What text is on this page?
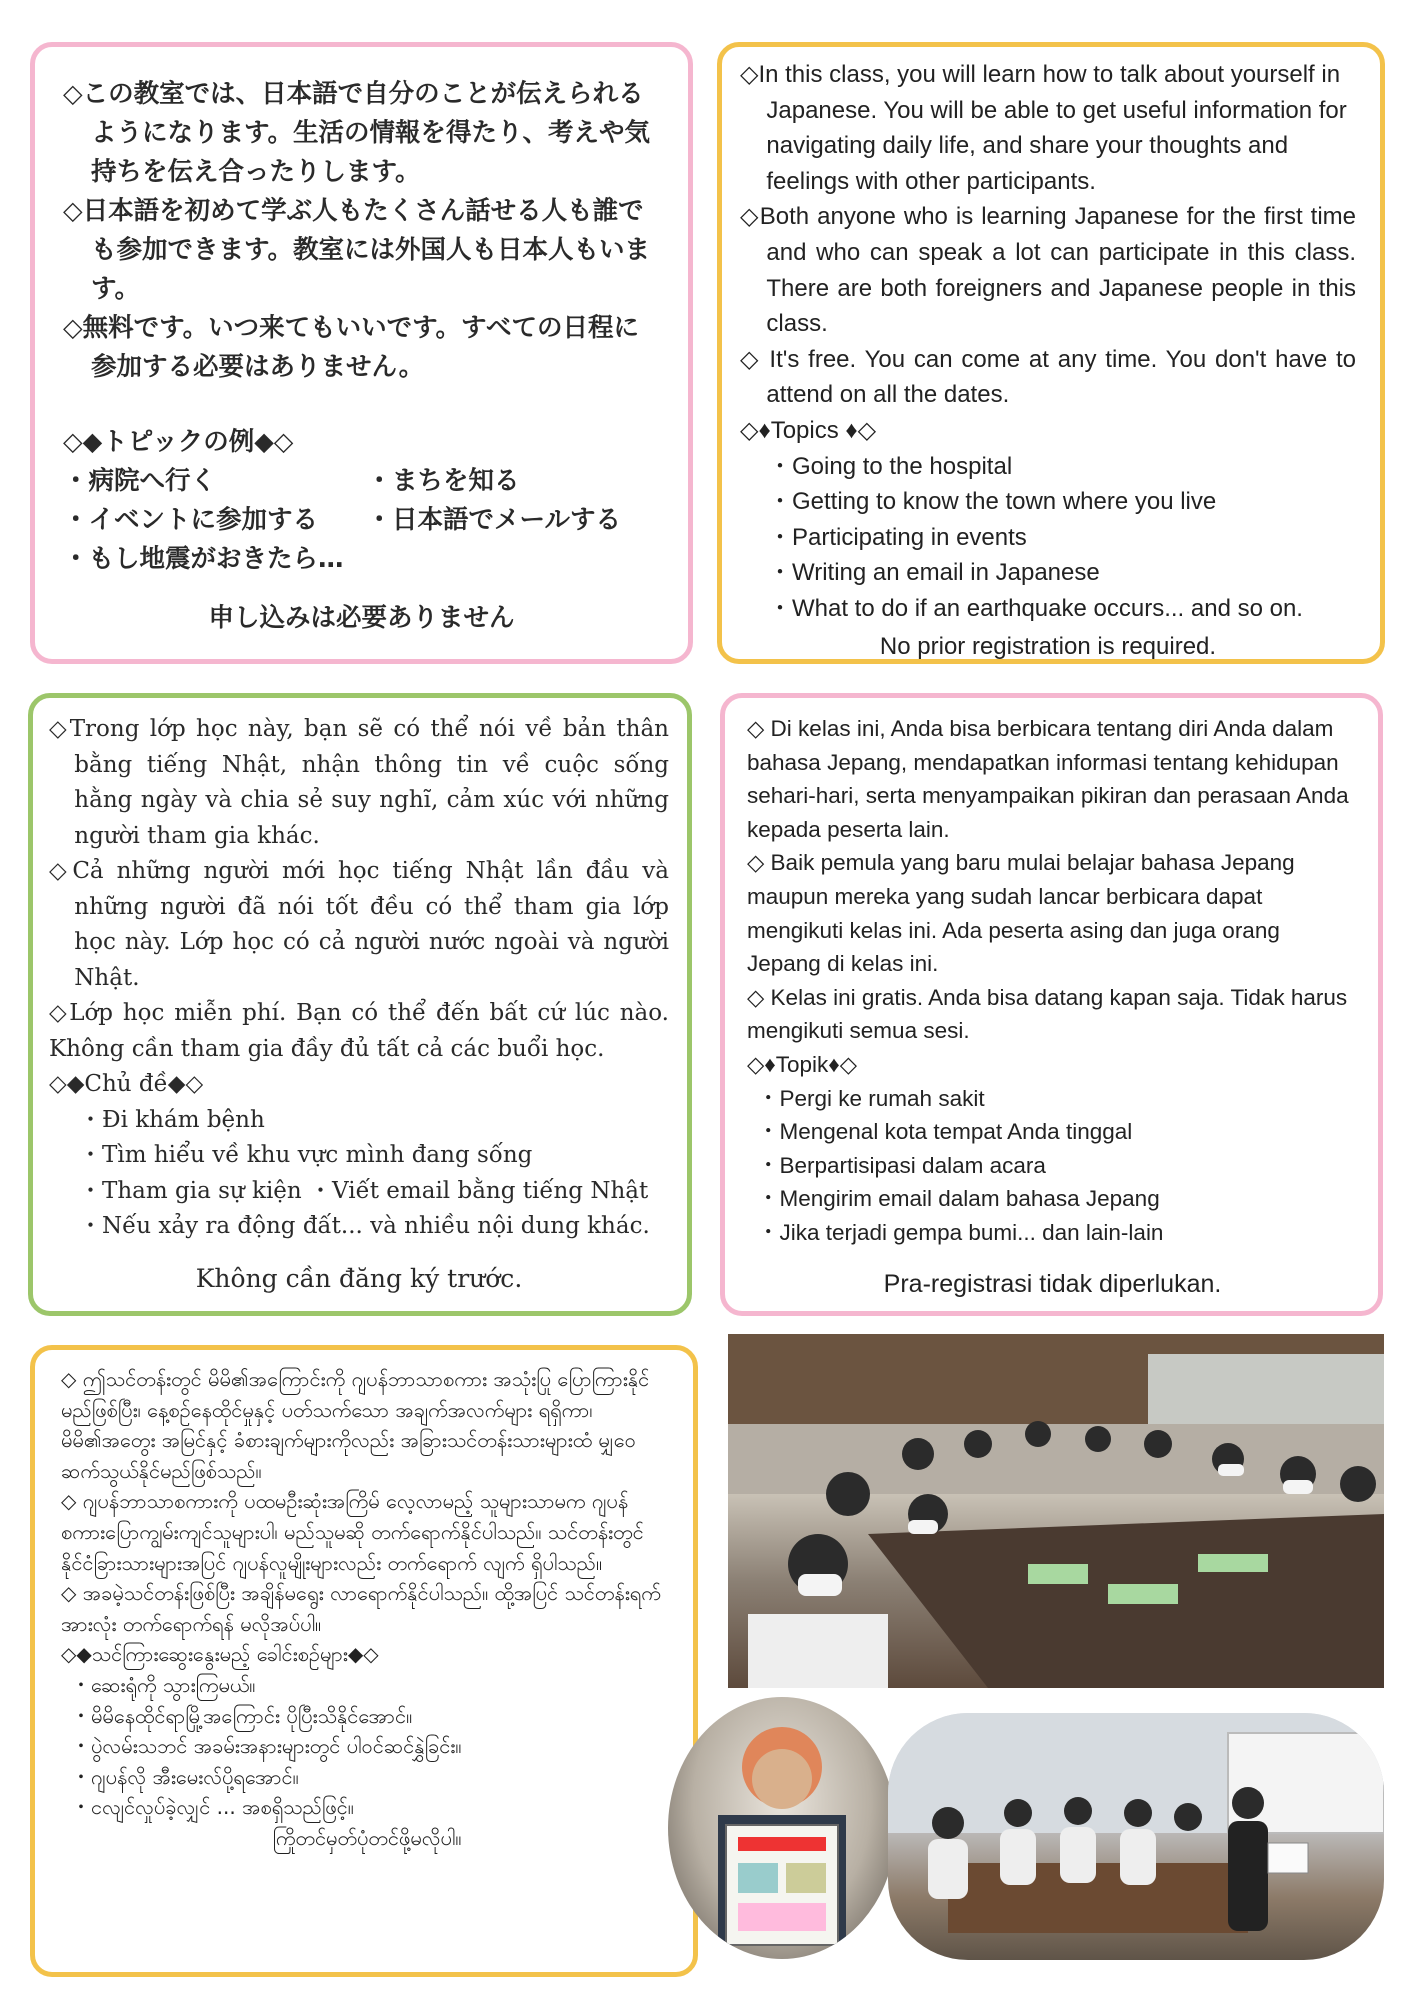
◇この教室では、日本語で自分のことが伝えられるようになります。生活の情報を得たり、考えや気持ちを伝え合ったりします。

◇日本語を初めて学ぶ人もたくさん話せる人も誰でも参加できます。教室には外国人も日本人もいます。

◇無料です。いつ来てもいいです。すべての日程に参加する必要はありません。

◇◆トピックの例◆◇

・病院へ行く	・まちを知る
・イベントに参加する	・日本語でメールする
・もし地震がおきたら…

申し込みは必要ありません

◇In this class, you will learn how to talk about yourself in Japanese. You will be able to get useful information for navigating daily life, and share your thoughts and feelings with other participants.

◇Both anyone who is learning Japanese for the first time and who can speak a lot can participate in this class. There are both foreigners and Japanese people in this class.

◇ It's free. You can come at any time. You don't have to attend on all the dates.

◇♦Topics ♦◇

・Going to the hospital

・Getting to know the town where you live

・Participating in events

・Writing an email in Japanese

・What to do if an earthquake occurs... and so on.

No prior registration is required.

◇Trong lớp học này, bạn sẽ có thể nói về bản thân bằng tiếng Nhật, nhận thông tin về cuộc sống hằng ngày và chia sẻ suy nghĩ, cảm xúc với những người tham gia khác.

◇Cả những người mới học tiếng Nhật lần đầu và những người đã nói tốt đều có thể tham gia lớp học này. Lớp học có cả người nước ngoài và người Nhật.

◇Lớp học miễn phí. Bạn có thể đến bất cứ lúc nào. Không cần tham gia đầy đủ tất cả các buổi học.

◇◆Chủ đề◆◇

・Đi khám bệnh

・Tìm hiểu về khu vực mình đang sống

・Tham gia sự kiện ・Viết email bằng tiếng Nhật

・Nếu xảy ra động đất... và nhiều nội dung khác.

Không cần đăng ký trước.

◇ Di kelas ini, Anda bisa berbicara tentang diri Anda dalam bahasa Jepang, mendapatkan informasi tentang kehidupan sehari-hari, serta menyampaikan pikiran dan perasaan Anda kepada peserta lain.

◇ Baik pemula yang baru mulai belajar bahasa Jepang maupun mereka yang sudah lancar berbicara dapat mengikuti kelas ini. Ada peserta asing dan juga orang Jepang di kelas ini.

◇ Kelas ini gratis. Anda bisa datang kapan saja. Tidak harus mengikuti semua sesi.

◇♦Topik♦◇

・Pergi ke rumah sakit

・Mengenal kota tempat Anda tinggal

・Berpartisipasi dalam acara

・Mengirim email dalam bahasa Jepang

・Jika terjadi gempa bumi... dan lain-lain

Pra-registrasi tidak diperlukan.

◇ ဤသင်တန်းတွင် မိမိ၏အကြောင်းကို ဂျပန်ဘာသာစကား အသုံးပြု ပြောကြားနိုင်မည်ဖြစ်ပြီး၊ နေ့စဉ်နေထိုင်မှုနှင့် ပတ်သက်သော အချက်အလက်များ ရရှိကာ၊ မိမိ၏အတွေး အမြင်နှင့် ခံစားချက်များကိုလည်း အခြားသင်တန်းသားများထံ မျှဝေဆက်သွယ်နိုင်မည်ဖြစ်သည်။

◇ ဂျပန်ဘာသာစကားကို ပထမဦးဆုံးအကြိမ် လေ့လာမည့် သူများသာမက ဂျပန်စကားပြောကျွမ်းကျင်သူများပါ၊ မည်သူမဆို တက်ရောက်နိုင်ပါသည်။ သင်တန်းတွင် နိုင်ငံခြားသားများအပြင် ဂျပန်လူမျိုးများလည်း တက်ရောက် လျက် ရှိပါသည်။

◇ အခမဲ့သင်တန်းဖြစ်ပြီး အချိန်မရွေး လာရောက်နိုင်ပါသည်။ ထို့အပြင် သင်တန်းရက်အားလုံး တက်ရောက်ရန် မလိုအပ်ပါ။

◇◆သင်ကြားဆွေးနွေးမည့် ခေါင်းစဉ်များ◆◇

・ဆေးရုံကို သွားကြမယ်။

・မိမိနေထိုင်ရာမြို့အကြောင်း ပိုပြီးသိနိုင်အောင်။

・ပွဲလမ်းသဘင် အခမ်းအနားများတွင် ပါဝင်ဆင်နွှဲခြင်း။

・ဂျပန်လို အီးမေးလ်ပို့ရအောင်။

・ငလျင်လှုပ်ခဲ့လျှင် ... အစရှိသည်ဖြင့်။

ကြိုတင်မှတ်ပုံတင်ဖို့မလိုပါ။
